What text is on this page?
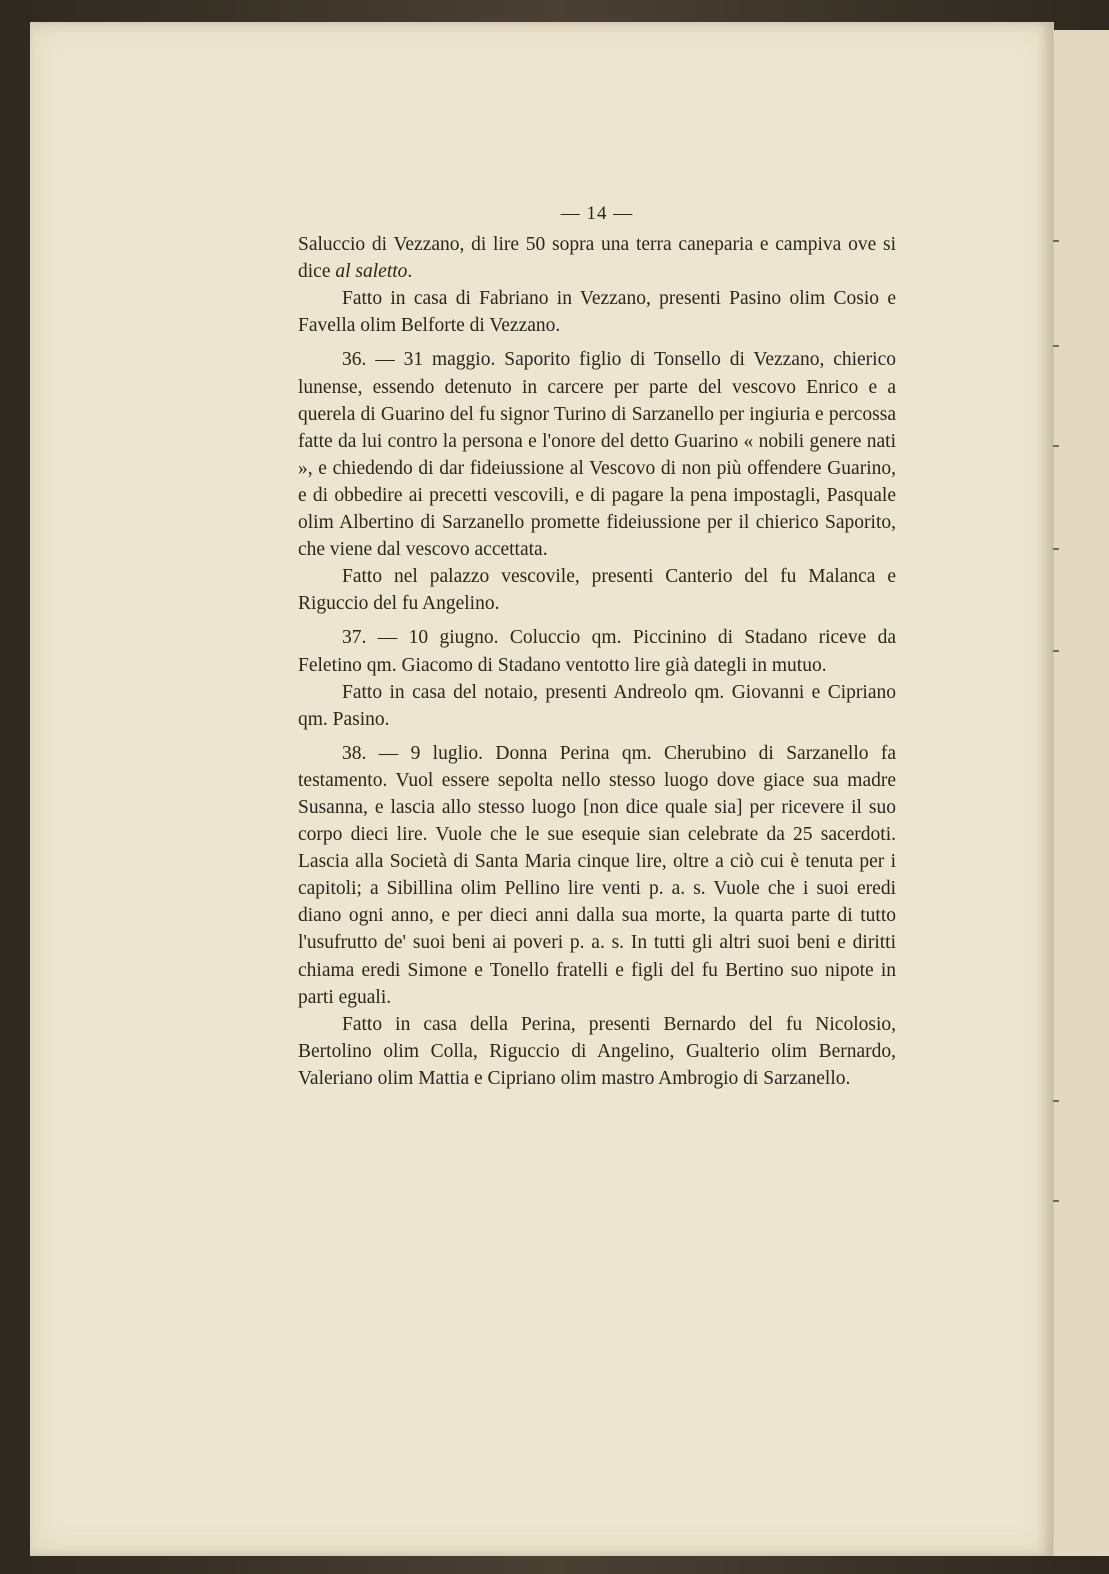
— 14 —

Saluccio di Vezzano, di lire 50 sopra una terra caneparia e campiva ove si dice al saletto.

Fatto in casa di Fabriano in Vezzano, presenti Pasino olim Cosio e Favella olim Belforte di Vezzano.

36. — 31 maggio. Saporito figlio di Tonsello di Vezzano, chierico lunense, essendo detenuto in carcere per parte del vescovo Enrico e a querela di Guarino del fu signor Turino di Sarzanello per ingiuria e percossa fatte da lui contro la persona e l'onore del detto Guarino « nobili genere nati », e chiedendo di dar fideiussione al Vescovo di non più offendere Guarino, e di obbedire ai precetti vescovili, e di pagare la pena impostagli, Pasquale olim Albertino di Sarzanello promette fideiussione per il chierico Saporito, che viene dal vescovo accettata.

Fatto nel palazzo vescovile, presenti Canterio del fu Malanca e Riguccio del fu Angelino.

37. — 10 giugno. Coluccio qm. Piccinino di Stadano riceve da Feletino qm. Giacomo di Stadano ventotto lire già dategli in mutuo.

Fatto in casa del notaio, presenti Andreolo qm. Giovanni e Cipriano qm. Pasino.

38. — 9 luglio. Donna Perina qm. Cherubino di Sarzanello fa testamento. Vuol essere sepolta nello stesso luogo dove giace sua madre Susanna, e lascia allo stesso luogo [non dice quale sia] per ricevere il suo corpo dieci lire. Vuole che le sue esequie sian celebrate da 25 sacerdoti. Lascia alla Società di Santa Maria cinque lire, oltre a ciò cui è tenuta per i capitoli; a Sibillina olim Pellino lire venti p. a. s. Vuole che i suoi eredi diano ogni anno, e per dieci anni dalla sua morte, la quarta parte di tutto l'usufrutto de' suoi beni ai poveri p. a. s. In tutti gli altri suoi beni e diritti chiama eredi Simone e Tonello fratelli e figli del fu Bertino suo nipote in parti eguali.

Fatto in casa della Perina, presenti Bernardo del fu Nicolosio, Bertolino olim Colla, Riguccio di Angelino, Gualterio olim Bernardo, Valeriano olim Mattia e Cipriano olim mastro Ambrogio di Sarzanello.
